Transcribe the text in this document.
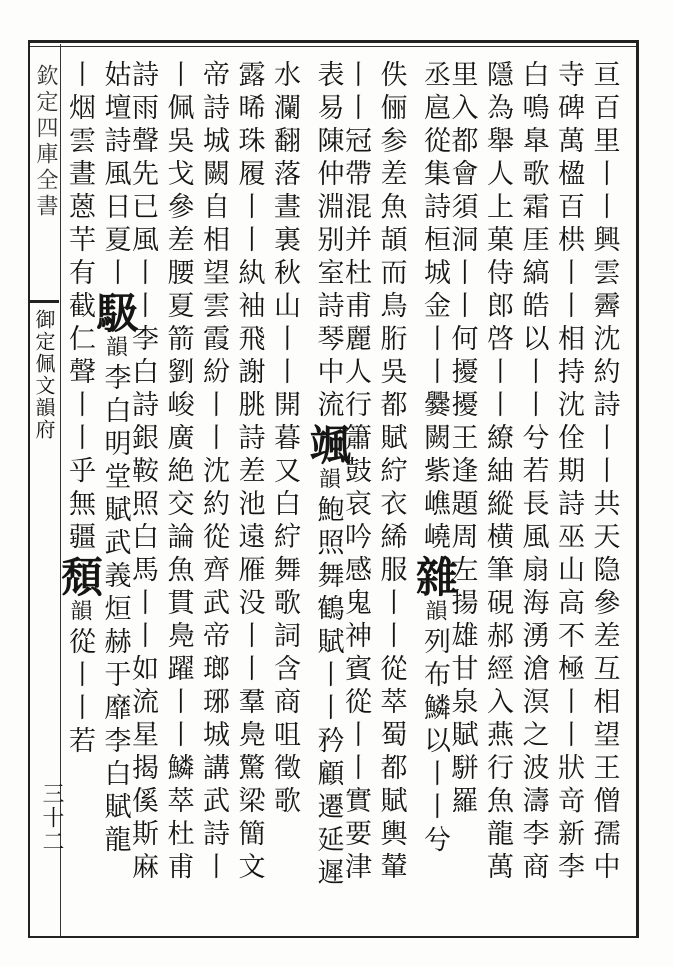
欽定四庫全書
御定佩文韻府
三十二	亘百里丨丨興雲霽沈約詩丨丨共天隐參差互相望王僧孺中
寺碑萬楹百栱丨丨相持沈佺期詩巫山高不極丨丨狀竒新李
白鳴臯歌霜厓縞皓以丨丨兮若長風扇海湧滄溟之波濤李商
隱為舉人上菓侍郎啓丨丨繚紬縱横筆硯郝經入燕行魚龍萬
里入都會須洞丨丨何擾擾王逢題周左揚雄甘泉賦駢羅
丞扈從集詩桓城金丨丨爨闕紫嶕嶢雜韻列布鱗以丨丨兮
佚俪参差魚頡而鳥胻吳都賦紵衣絺服丨丨從萃蜀都賦輿輦
丨丨冠帶混并杜甫麗人行簫鼓哀吟感鬼神賓從丨丨實要津
表易陳仲淵别室詩琴中流颯韻鮑照舞鶴賦丨丨矜顧遷延遲
水瀾翻落晝裏秋山丨丨開暮又白紵舞歌詞含商咀徵歌
露晞珠履丨丨紈袖飛謝朓詩差池遠雁没丨丨羣鳧驚梁簡文
帝詩城闕自相望雲霞紛丨丨沈約從齊武帝瑯琊城講武詩丨
丨佩吳戈參差腰夏箭劉峻廣絶交論魚貫鳧躍丨丨鱗萃杜甫
詩雨聲先已風丨丨李白詩銀鞍照白馬丨丨如流星揭傒斯麻
姑壇詩風日夏丨馺韻李白明堂賦武義烜赫于靡李白賦龍
丨烟雲晝蒽芉有截仁聲丨丨乎無疆頹韻從丨丨若
